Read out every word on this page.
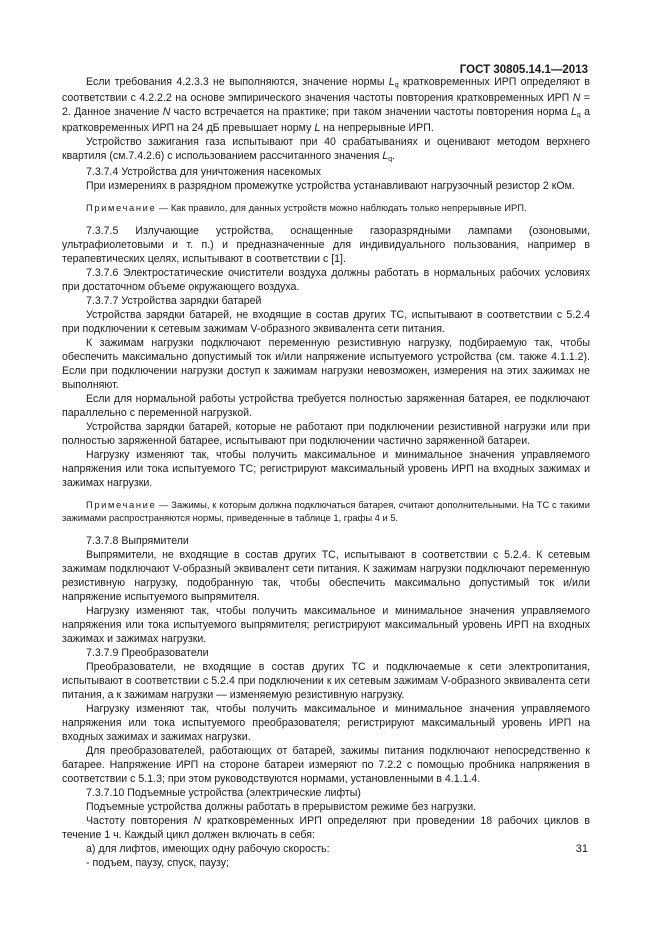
ГОСТ 30805.14.1—2013

Если требования 4.2.3.3 не выполняются, значение нормы Lq кратковременных ИРП определяют в соответствии с 4.2.2.2 на основе эмпирического значения частоты повторения кратковременных ИРП N = 2. Данное значение N часто встречается на практике; при таком значении частоты повторения норма Lq а кратковременных ИРП на 24 дБ превышает норму L на непрерывные ИРП.

Устройство зажигания газа испытывают при 40 срабатываниях и оценивают методом верхнего квартиля (см.7.4.2.6) с использованием рассчитанного значения Lq.

7.3.7.4 Устройства для уничтожения насекомых

При измерениях в разрядном промежутке устройства устанавливают нагрузочный резистор 2 кОм.

Примечание — Как правило, для данных устройств можно наблюдать только непрерывные ИРП.

7.3.7.5 Излучающие устройства, оснащенные газоразрядными лампами (озоновыми, ультрафиолетовыми и т. п.) и предназначенные для индивидуального пользования, например в терапевтических целях, испытывают в соответствии с [1].

7.3.7.6 Электростатические очистители воздуха должны работать в нормальных рабочих условиях при достаточном объеме окружающего воздуха.

7.3.7.7 Устройства зарядки батарей

Устройства зарядки батарей, не входящие в состав других ТС, испытывают в соответствии с 5.2.4 при подключении к сетевым зажимам V-образного эквивалента сети питания.

К зажимам нагрузки подключают переменную резистивную нагрузку, подбираемую так, чтобы обеспечить максимально допустимый ток и/или напряжение испытуемого устройства (см. также 4.1.1.2). Если при подключении нагрузки доступ к зажимам нагрузки невозможен, измерения на этих зажимах не выполняют.

Если для нормальной работы устройства требуется полностью заряженная батарея, ее подключают параллельно с переменной нагрузкой.

Устройства зарядки батарей, которые не работают при подключении резистивной нагрузки или при полностью заряженной батарее, испытывают при подключении частично заряженной батареи.

Нагрузку изменяют так, чтобы получить максимальное и минимальное значения управляемого напряжения или тока испытуемого ТС; регистрируют максимальный уровень ИРП на входных зажимах и зажимах нагрузки.

Примечание — Зажимы, к которым должна подключаться батарея, считают дополнительными. На ТС с такими зажимами распространяются нормы, приведенные в таблице 1, графы 4 и 5.

7.3.7.8 Выпрямители

Выпрямители, не входящие в состав других ТС, испытывают в соответствии с 5.2.4. К сетевым зажимам подключают V-образный эквивалент сети питания. К зажимам нагрузки подключают переменную резистивную нагрузку, подобранную так, чтобы обеспечить максимально допустимый ток и/или напряжение испытуемого выпрямителя.

Нагрузку изменяют так, чтобы получить максимальное и минимальное значения управляемого напряжения или тока испытуемого выпрямителя; регистрируют максимальный уровень ИРП на входных зажимах и зажимах нагрузки.

7.3.7.9 Преобразователи

Преобразователи, не входящие в состав других ТС и подключаемые к сети электропитания, испытывают в соответствии с 5.2.4 при подключении к их сетевым зажимам V-образного эквивалента сети питания, а к зажимам нагрузки — изменяемую резистивную нагрузку.

Нагрузку изменяют так, чтобы получить максимальное и минимальное значения управляемого напряжения или тока испытуемого преобразователя; регистрируют максимальный уровень ИРП на входных зажимах и зажимах нагрузки.

Для преобразователей, работающих от батарей, зажимы питания подключают непосредственно к батарее. Напряжение ИРП на стороне батареи измеряют по 7.2.2 с помощью пробника напряжения в соответствии с 5.1.3; при этом руководствуются нормами, установленными в 4.1.1.4.

7.3.7.10 Подъемные устройства (электрические лифты)

Подъемные устройства должны работать в прерывистом режиме без нагрузки.

Частоту повторения N кратковременных ИРП определяют при проведении 18 рабочих циклов в течение 1 ч. Каждый цикл должен включать в себя:

а) для лифтов, имеющих одну рабочую скорость:

- подъем, паузу, спуск, паузу;

31
